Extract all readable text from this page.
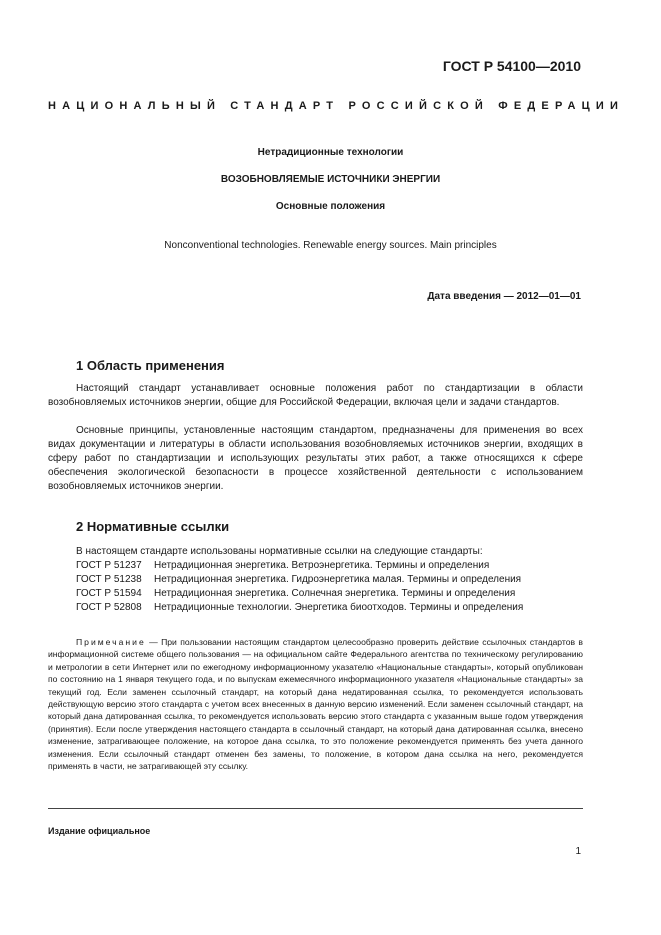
ГОСТ Р 54100—2010
НАЦИОНАЛЬНЫЙ СТАНДАРТ РОССИЙСКОЙ ФЕДЕРАЦИИ
Нетрадиционные технологии
ВОЗОБНОВЛЯЕМЫЕ ИСТОЧНИКИ ЭНЕРГИИ
Основные положения
Nonconventional technologies. Renewable energy sources. Main principles
Дата введения — 2012—01—01
1 Область применения

Настоящий стандарт устанавливает основные положения работ по стандартизации в области возобновляемых источников энергии, общие для Российской Федерации, включая цели и задачи стандартов.

Основные принципы, установленные настоящим стандартом, предназначены для применения во всех видах документации и литературы в области использования возобновляемых источников энергии, входящих в сферу работ по стандартизации и использующих результаты этих работ, а также относящихся к сфере обеспечения экологической безопасности в процессе хозяйственной деятельности с использованием возобновляемых источников энергии.

2 Нормативные ссылки
В настоящем стандарте использованы нормативные ссылки на следующие стандарты:
ГОСТ Р 51237 Нетрадиционная энергетика. Ветроэнергетика. Термины и определения
ГОСТ Р 51238 Нетрадиционная энергетика. Гидроэнергетика малая. Термины и определения
ГОСТ Р 51594 Нетрадиционная энергетика. Солнечная энергетика. Термины и определения
ГОСТ Р 52808 Нетрадиционные технологии. Энергетика биоотходов. Термины и определения

Примечание — При пользовании настоящим стандартом целесообразно проверить действие ссылочных стандартов в информационной системе общего пользования — на официальном сайте Федерального агентства по техническому регулированию и метрологии в сети Интернет или по ежегодному информационному указателю «Национальные стандарты», который опубликован по состоянию на 1 января текущего года, и по выпускам ежемесячного информационного указателя «Национальные стандарты» за текущий год. Если заменен ссылочный стандарт, на который дана недатированная ссылка, то рекомендуется использовать действующую версию этого стандарта с учетом всех внесенных в данную версию изменений. Если заменен ссылочный стандарт, на который дана датированная ссылка, то рекомендуется использовать версию этого стандарта с указанным выше годом утверждения (принятия). Если после утверждения настоящего стандарта в ссылочный стандарт, на который дана датированная ссылка, внесено изменение, затрагивающее положение, на которое дана ссылка, то это положение рекомендуется применять без учета данного изменения. Если ссылочный стандарт отменен без замены, то положение, в котором дана ссылка на него, рекомендуется применять в части, не затрагивающей эту ссылку.

Издание официальное
1
